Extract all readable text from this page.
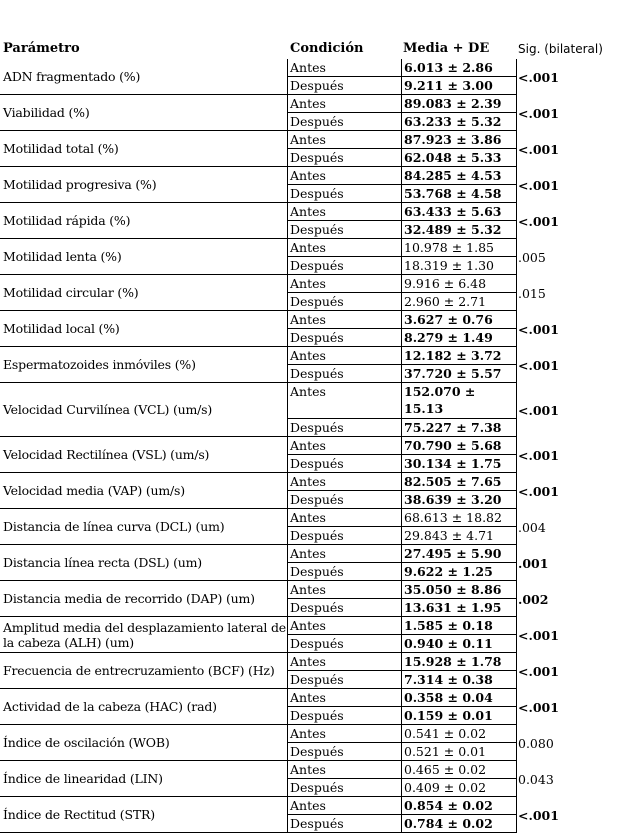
Parámetro	Condición	Media + DE Sig. (bilateral)
ADN fragmentado (%)
Antes
Después
6.013 ± 2.86
9.211 ± 3.00
<.001
Viabilidad (%)
Antes
Después
89.083 ± 2.39
63.233 ± 5.32
<.001
Motilidad total (%)
Antes
Después
87.923 ± 3.86
62.048 ± 5.33
<.001
Motilidad progresiva (%)
Antes
Después
84.285 ± 4.53
53.768 ± 4.58
<.001
Motilidad rápida (%)
Antes
Después
63.433 ± 5.63
32.489 ± 5.32
<.001
Motilidad lenta (%)
Antes
Después
10.978 ± 1.85
18.319 ± 1.30
.005
Motilidad circular (%)
Antes
Después
9.916 ± 6.48
2.960 ± 2.71
.015
Motilidad local (%)
Antes
Después
3.627 ± 0.76
8.279 ± 1.49
<.001
Espermatozoides inmóviles (%)
Antes
Después
12.182 ± 3.72
37.720 ± 5.57
<.001
Velocidad Curvilínea (VCL) (um/s)
Antes
Después
152.070 ± 15.13
75.227 ± 7.38
<.001
Velocidad Rectilínea (VSL) (um/s)
Antes
Después
70.790 ± 5.68
30.134 ± 1.75
<.001
Velocidad media (VAP) (um/s)
Antes
Después
82.505 ± 7.65
38.639 ± 3.20
<.001
Distancia de línea curva (DCL) (um)
Antes
Después
68.613 ± 18.82
29.843 ± 4.71
.004
Distancia línea recta (DSL) (um)
Antes
Después
27.495 ± 5.90
9.622 ± 1.25
.001
Distancia media de recorrido (DAP) (um)
Antes
Después
35.050 ± 8.86
13.631 ± 1.95
.002
Amplitud media del desplazamiento lateral de la cabeza (ALH) (um)
Antes
Después
1.585 ± 0.18
0.940 ± 0.11
<.001
Frecuencia de entrecruzamiento (BCF) (Hz)
Antes
Después
15.928 ± 1.78
7.314 ± 0.38
<.001
Actividad de la cabeza (HAC) (rad)
Antes
Después
0.358 ± 0.04
0.159 ± 0.01
<.001
Índice de oscilación (WOB)
Antes
Después
0.541 ± 0.02
0.521 ± 0.01
0.080
Índice de linearidad (LIN)
Antes
Después
0.465 ± 0.02
0.409 ± 0.02
0.043
Índice de Rectitud (STR)
Antes
Después
0.854 ± 0.02
0.784 ± 0.02
<.001
